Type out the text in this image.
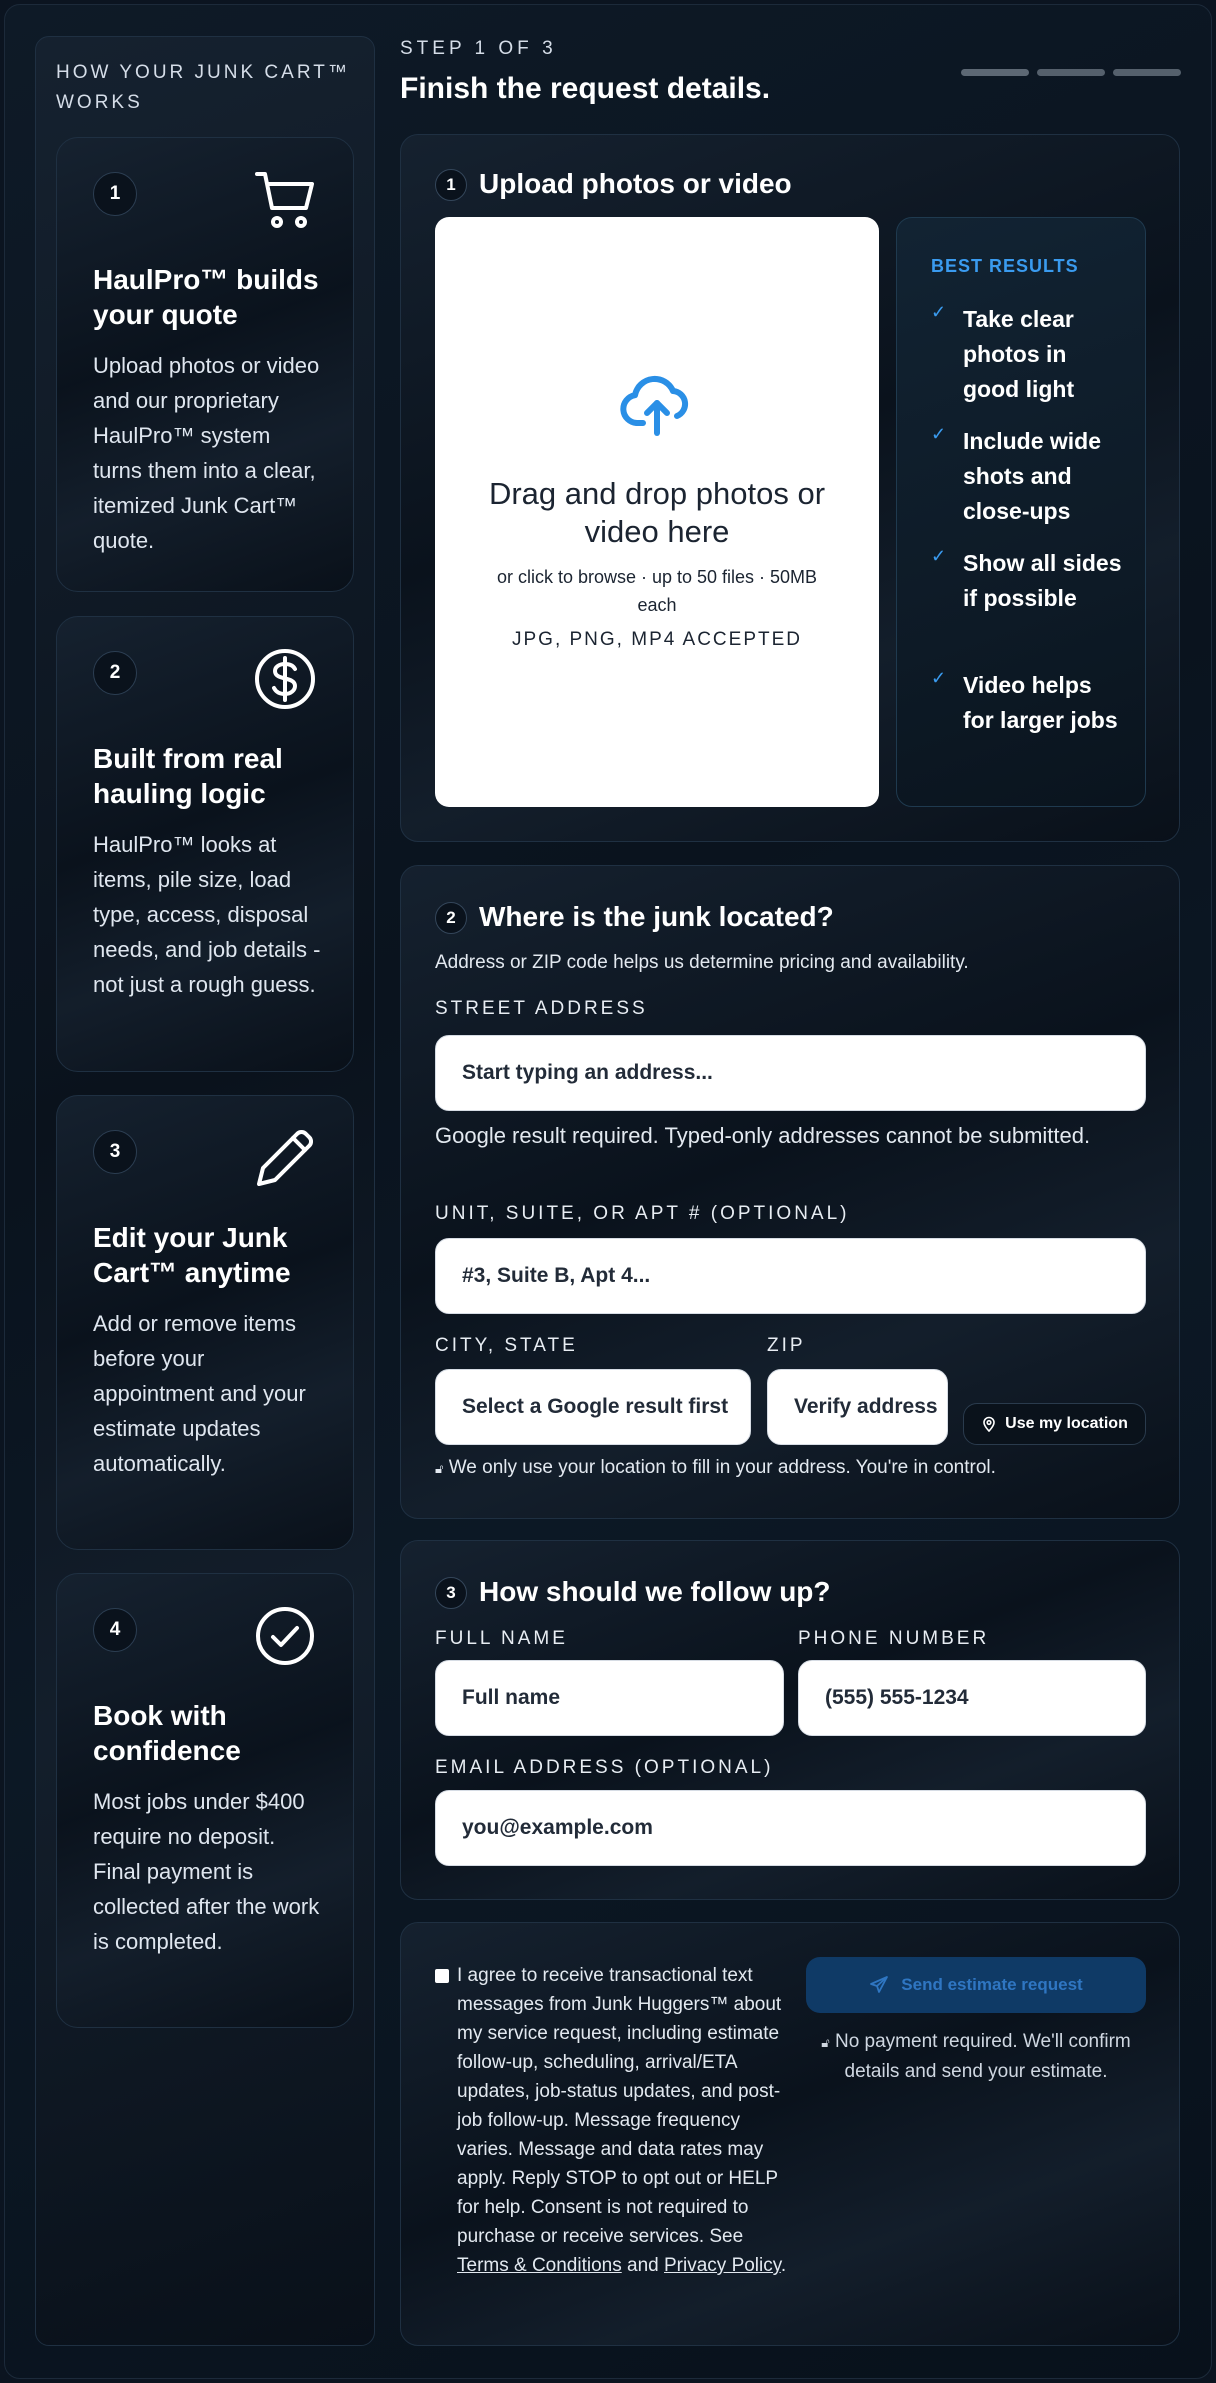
HOW YOUR JUNK CART™ WORKS
1
HaulPro™ builds your quote
Upload photos or video and our proprietary HaulPro™ system turns them into a clear, itemized Junk Cart™ quote.
2
Built from real hauling logic
HaulPro™ looks at items, pile size, load type, access, disposal needs, and job details - not just a rough guess.
3
Edit your Junk Cart™ anytime
Add or remove items before your appointment and your estimate updates automatically.
4
Book with confidence
Most jobs under $400 require no deposit. Final payment is collected after the work is completed.
STEP 1 OF 3
Finish the request details.
1 Upload photos or video
Drag and drop photos or video here
or click to browse · up to 50 files · 50MB each
JPG, PNG, MP4 ACCEPTED
BEST RESULTS
✓ Take clear photos in good light
✓ Include wide shots and close-ups
✓ Show all sides if possible
✓ Video helps for larger jobs
2 Where is the junk located?
Address or ZIP code helps us determine pricing and availability.
STREET ADDRESS
Start typing an address...
Google result required. Typed-only addresses cannot be submitted.
UNIT, SUITE, OR APT # (OPTIONAL)
#3, Suite B, Apt 4...
CITY, STATE
Select a Google result first
ZIP
Verify address
Use my location
🔓︎ We only use your location to fill in your address. You're in control.
3 How should we follow up?
FULL NAME
Full name
PHONE NUMBER
(555) 555-1234
EMAIL ADDRESS (OPTIONAL)
you@example.com
I agree to receive transactional text messages from Junk Huggers™ about my service request, including estimate follow-up, scheduling, arrival/ETA updates, job-status updates, and post-job follow-up. Message frequency varies. Message and data rates may apply. Reply STOP to opt out or HELP for help. Consent is not required to purchase or receive services. See Terms & Conditions and Privacy Policy.
Send estimate request
🔓︎ No payment required. We'll confirm details and send your estimate.
